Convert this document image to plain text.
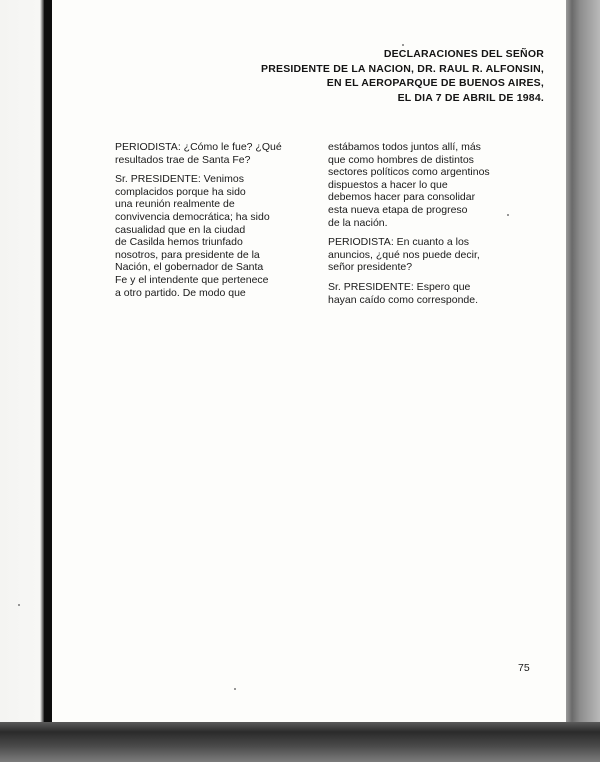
DECLARACIONES DEL SEÑOR
PRESIDENTE DE LA NACION, DR. RAUL R. ALFONSIN,
EN EL AEROPARQUE DE BUENOS AIRES,
EL DIA 7 DE ABRIL DE 1984.
PERIODISTA: ¿Cómo le fue? ¿Qué
resultados trae de Santa Fe?
Sr. PRESIDENTE: Venimos
complacidos porque ha sido
una reunión realmente de
convivencia democrática; ha sido
casualidad que en la ciudad
de Casilda hemos triunfado
nosotros, para presidente de la
Nación, el gobernador de Santa
Fe y el intendente que pertenece
a otro partido. De modo que
estábamos todos juntos allí, más
que como hombres de distintos
sectores políticos como argentinos
dispuestos a hacer lo que
debemos hacer para consolidar
esta nueva etapa de progreso
de la nación.
PERIODISTA: En cuanto a los
anuncios, ¿qué nos puede decir,
señor presidente?
Sr. PRESIDENTE: Espero que
hayan caído como corresponde.
75
